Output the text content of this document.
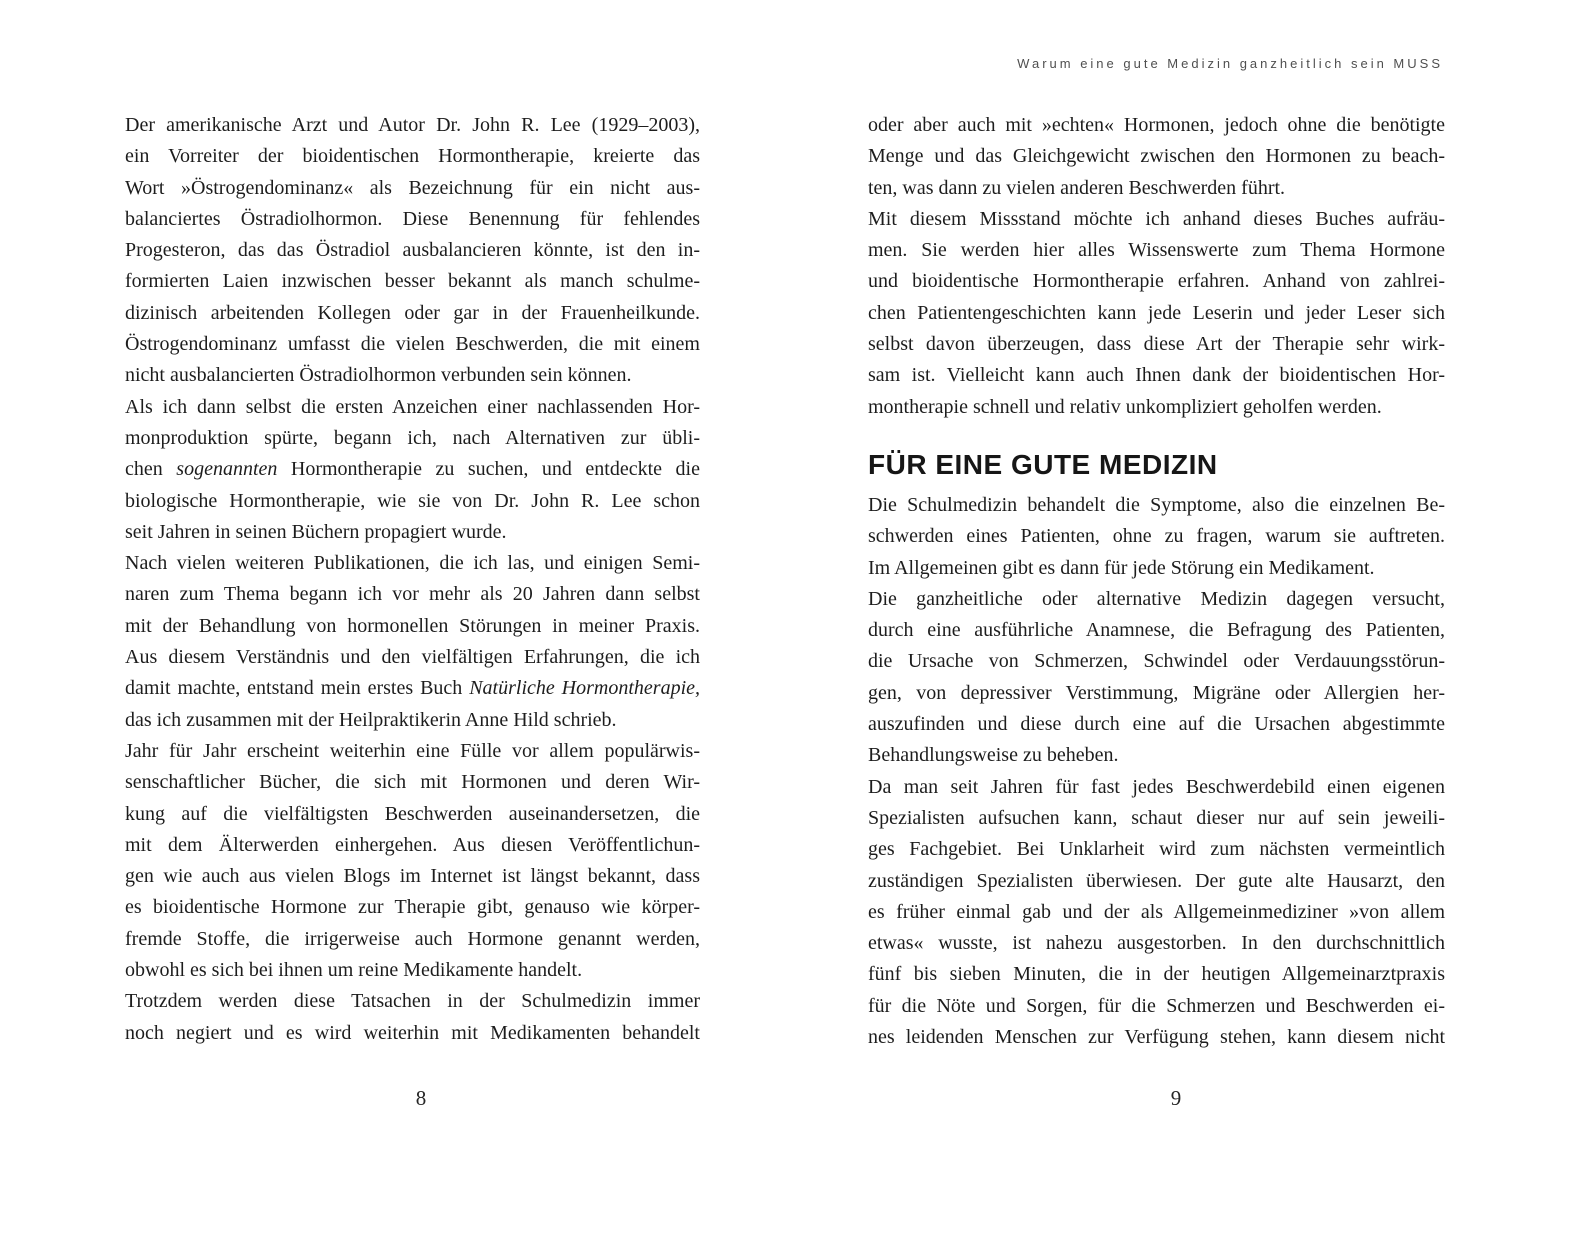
Warum eine gute Medizin ganzheitlich sein MUSS
Der amerikanische Arzt und Autor Dr. John R. Lee (1929–2003),
ein Vorreiter der bioidentischen Hormontherapie, kreierte das
Wort »Östrogendominanz« als Bezeichnung für ein nicht aus-
balanciertes Östradiolhormon. Diese Benennung für fehlendes
Progesteron, das das Östradiol ausbalancieren könnte, ist den in-
formierten Laien inzwischen besser bekannt als manch schulme-
dizinisch arbeitenden Kollegen oder gar in der Frauenheilkunde.
Östrogendominanz umfasst die vielen Beschwerden, die mit einem
nicht ausbalancierten Östradiolhormon verbunden sein können.
Als ich dann selbst die ersten Anzeichen einer nachlassenden Hor-
monproduktion spürte, begann ich, nach Alternativen zur übli-
chen sogenannten Hormontherapie zu suchen, und entdeckte die
biologische Hormontherapie, wie sie von Dr. John R. Lee schon
seit Jahren in seinen Büchern propagiert wurde.
Nach vielen weiteren Publikationen, die ich las, und einigen Semi-
naren zum Thema begann ich vor mehr als 20 Jahren dann selbst
mit der Behandlung von hormonellen Störungen in meiner Praxis.
Aus diesem Verständnis und den vielfältigen Erfahrungen, die ich
damit machte, entstand mein erstes Buch Natürliche Hormontherapie,
das ich zusammen mit der Heilpraktikerin Anne Hild schrieb.
Jahr für Jahr erscheint weiterhin eine Fülle vor allem populärwis-
senschaftlicher Bücher, die sich mit Hormonen und deren Wir-
kung auf die vielfältigsten Beschwerden auseinandersetzen, die
mit dem Älterwerden einhergehen. Aus diesen Veröffentlichun-
gen wie auch aus vielen Blogs im Internet ist längst bekannt, dass
es bioidentische Hormone zur Therapie gibt, genauso wie körper-
fremde Stoffe, die irrigerweise auch Hormone genannt werden,
obwohl es sich bei ihnen um reine Medikamente handelt.
Trotzdem werden diese Tatsachen in der Schulmedizin immer
noch negiert und es wird weiterhin mit Medikamenten behandelt
oder aber auch mit »echten« Hormonen, jedoch ohne die benötigte
Menge und das Gleichgewicht zwischen den Hormonen zu beach-
ten, was dann zu vielen anderen Beschwerden führt.
Mit diesem Missstand möchte ich anhand dieses Buches aufräu-
men. Sie werden hier alles Wissenswerte zum Thema Hormone
und bioidentische Hormontherapie erfahren. Anhand von zahlrei-
chen Patientengeschichten kann jede Leserin und jeder Leser sich
selbst davon überzeugen, dass diese Art der Therapie sehr wirk-
sam ist. Vielleicht kann auch Ihnen dank der bioidentischen Hor-
montherapie schnell und relativ unkompliziert geholfen werden.
FÜR EINE GUTE MEDIZIN
Die Schulmedizin behandelt die Symptome, also die einzelnen Be-
schwerden eines Patienten, ohne zu fragen, warum sie auftreten.
Im Allgemeinen gibt es dann für jede Störung ein Medikament.
Die ganzheitliche oder alternative Medizin dagegen versucht,
durch eine ausführliche Anamnese, die Befragung des Patienten,
die Ursache von Schmerzen, Schwindel oder Verdauungsstörun-
gen, von depressiver Verstimmung, Migräne oder Allergien her-
auszufinden und diese durch eine auf die Ursachen abgestimmte
Behandlungsweise zu beheben.
Da man seit Jahren für fast jedes Beschwerdebild einen eigenen
Spezialisten aufsuchen kann, schaut dieser nur auf sein jeweili-
ges Fachgebiet. Bei Unklarheit wird zum nächsten vermeintlich
zuständigen Spezialisten überwiesen. Der gute alte Hausarzt, den
es früher einmal gab und der als Allgemeinmediziner »von allem
etwas« wusste, ist nahezu ausgestorben. In den durchschnittlich
fünf bis sieben Minuten, die in der heutigen Allgemeinarztpraxis
für die Nöte und Sorgen, für die Schmerzen und Beschwerden ei-
nes leidenden Menschen zur Verfügung stehen, kann diesem nicht
8	9
